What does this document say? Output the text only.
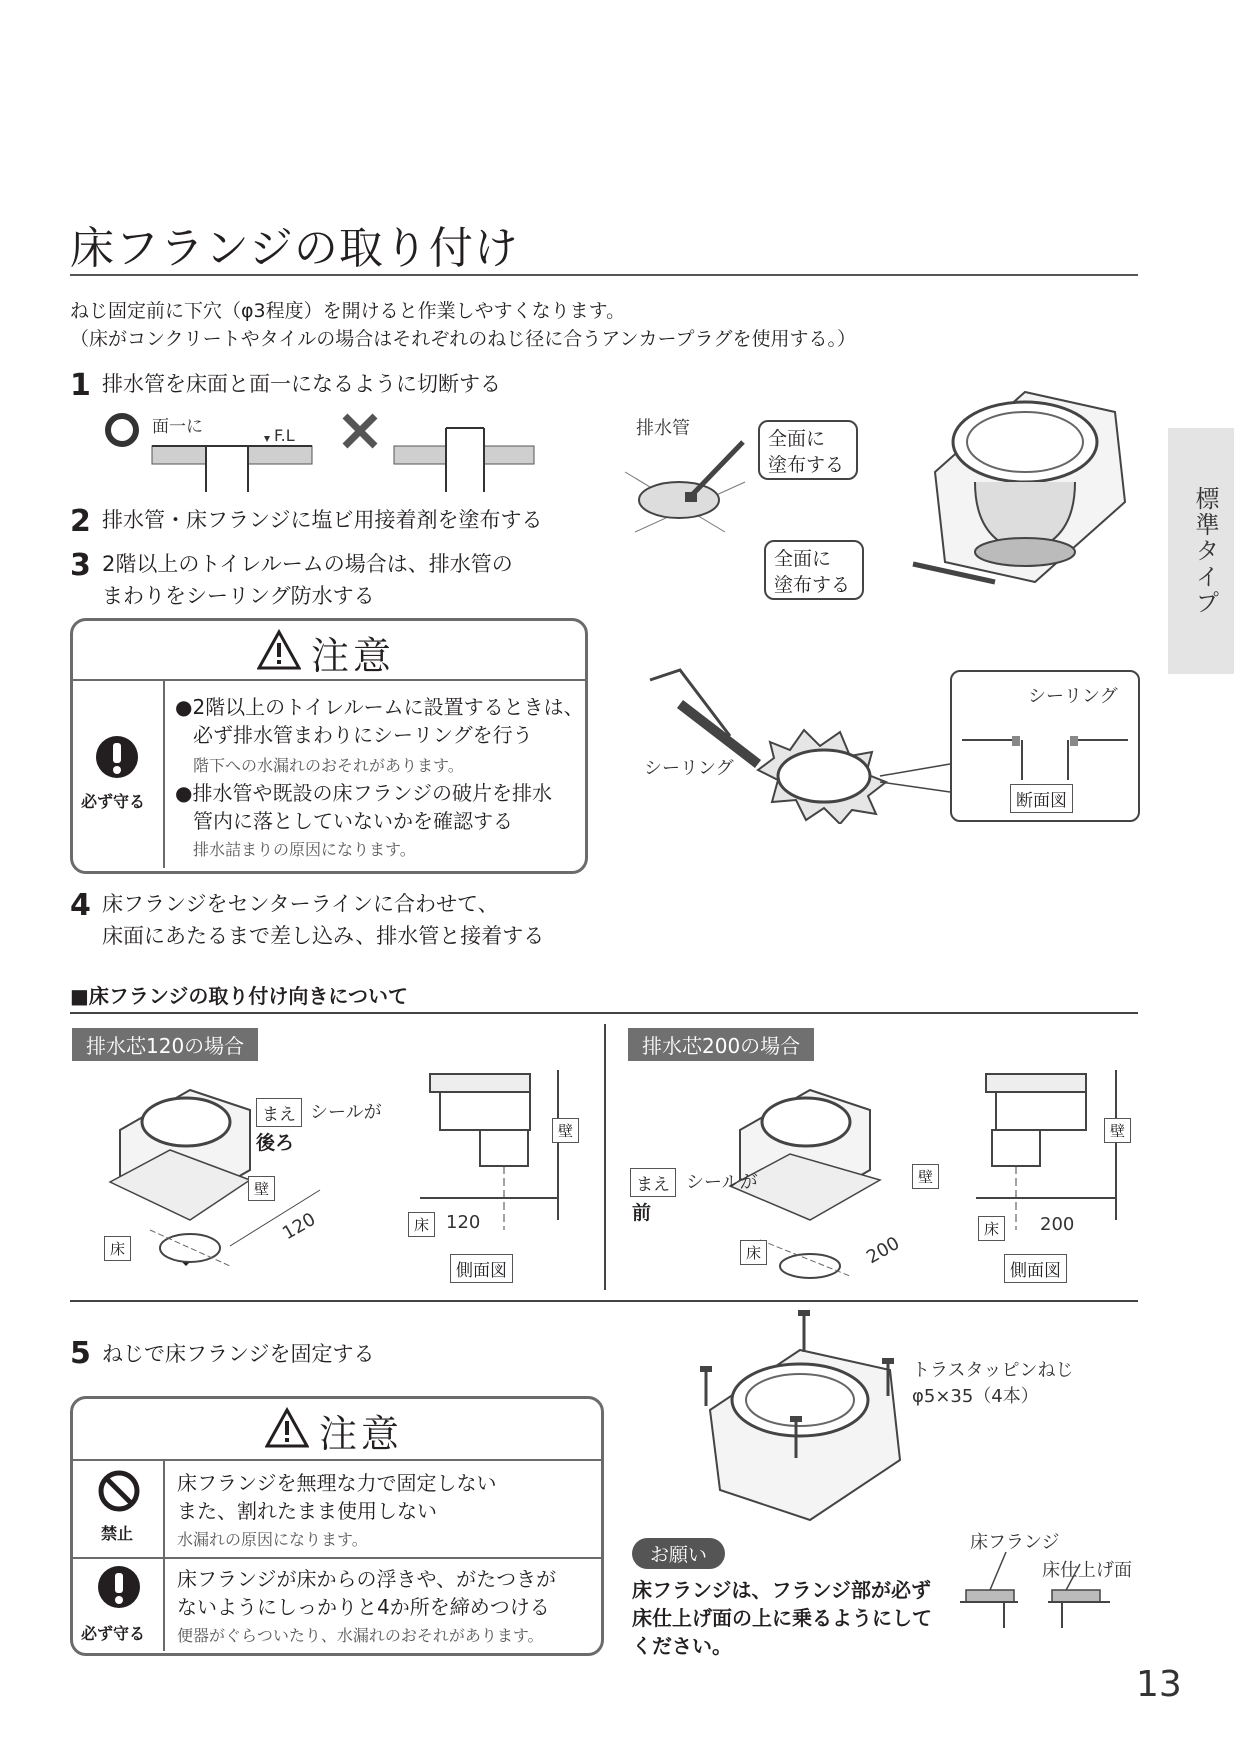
床フランジの取り付け
ねじ固定前に下穴（φ3程度）を開けると作業しやすくなります。
（床がコンクリートやタイルの場合はそれぞれのねじ径に合うアンカープラグを使用する。）
標準タイプ
1 排水管を床面と面一になるように切断する
面一に	F.L
2 排水管・床フランジに塩ビ用接着剤を塗布する
3 2階以上のトイレルームの場合は、排水管の
まわりをシーリング防水する
排水管	全面に
塗布する
全面に
塗布する
注意
必ず守る
●2階以上のトイレルームに設置するときは、
必ず排水管まわりにシーリングを行う
階下への水漏れのおそれがあります。
●排水管や既設の床フランジの破片を排水
管内に落としていないかを確認する
排水詰まりの原因になります。
シーリング
シーリング
断面図
4 床フランジをセンターラインに合わせて、
床面にあたるまで差し込み、排水管と接着する
■床フランジの取り付け向きについて
排水芯120の場合
まえ シールが
後ろ
壁
床
120
壁
床 120
側面図
排水芯200の場合
まえ シールが
前
壁
床	200
壁
床	200
側面図
5 ねじで床フランジを固定する
トラスタッピンねじ
φ5×35（4本）
注意
禁止
必ず守る
床フランジを無理な力で固定しない
また、割れたまま使用しない
水漏れの原因になります。
床フランジが床からの浮きや、がたつきが
ないようにしっかりと4か所を締めつける
便器がぐらついたり、水漏れのおそれがあります。
お願い
床フランジは、フランジ部が必ず
床仕上げ面の上に乗るようにして
ください。
床フランジ
床仕上げ面
13
